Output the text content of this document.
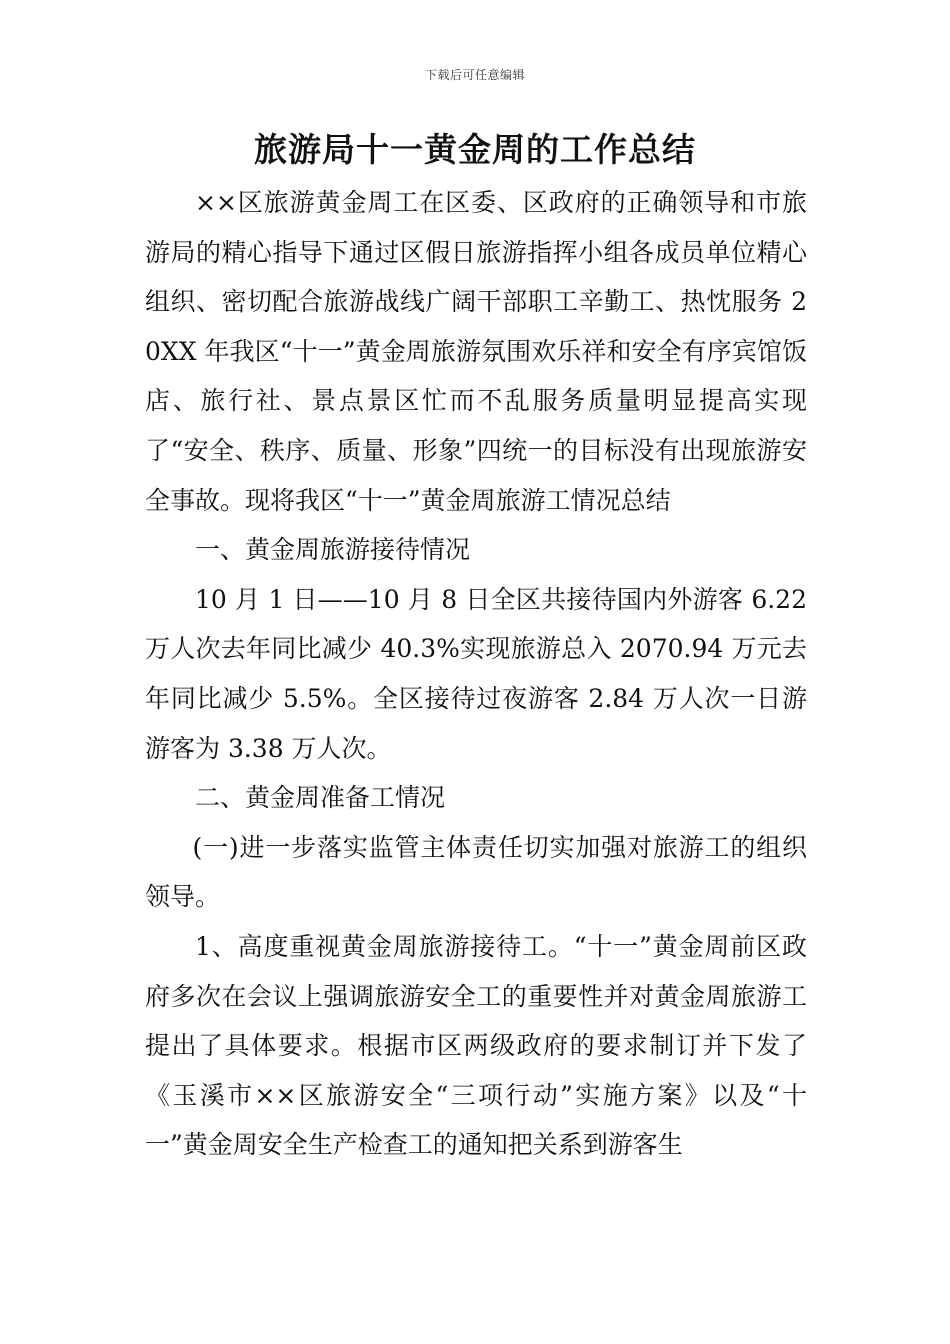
下载后可任意编辑
旅游局十一黄金周的工作总结

××区旅游黄金周工在区委、区政府的正确领导和市旅游局的精心指导下通过区假日旅游指挥小组各成员单位精心组织、密切配合旅游战线广阔干部职工辛勤工、热忱服务 20XX 年我区“十一”黄金周旅游氛围欢乐祥和安全有序宾馆饭店、旅行社、景点景区忙而不乱服务质量明显提高实现了“安全、秩序、质量、形象”四统一的目标没有出现旅游安全事故。现将我区“十一”黄金周旅游工情况总结

一、黄金周旅游接待情况

10 月 1 日——10 月 8 日全区共接待国内外游客 6.22 万人次去年同比减少 40.3%实现旅游总入 2070.94 万元去年同比减少 5.5%。全区接待过夜游客 2.84 万人次一日游游客为 3.38 万人次。

二、黄金周准备工情况

(一)进一步落实监管主体责任切实加强对旅游工的组织领导。

1、高度重视黄金周旅游接待工。“十一”黄金周前区政府多次在会议上强调旅游安全工的重要性并对黄金周旅游工提出了具体要求。根据市区两级政府的要求制订并下发了《玉溪市××区旅游安全“三项行动”实施方案》以及“十一”黄金周安全生产检查工的通知把关系到游客生
